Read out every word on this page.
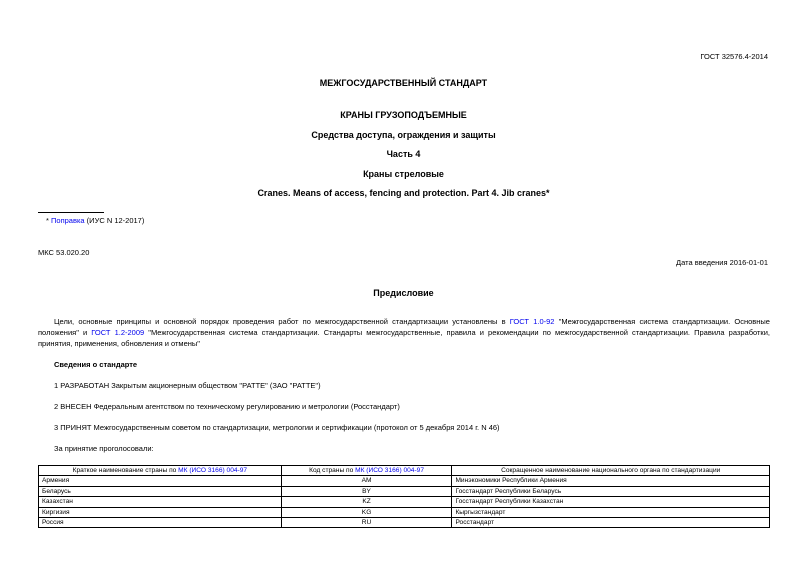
ГОСТ 32576.4-2014
МЕЖГОСУДАРСТВЕННЫЙ СТАНДАРТ
КРАНЫ ГРУЗОПОДЪЕМНЫЕ
Средства доступа, ограждения и защиты
Часть 4
Краны стреловые
Cranes. Means of access, fencing and protection. Part 4. Jib cranes*
* Поправка (ИУС N 12-2017)
МКС 53.020.20
Дата введения 2016-01-01
Предисловие
Цели, основные принципы и основной порядок проведения работ по межгосударственной стандартизации установлены в ГОСТ 1.0-92 "Межгосударственная система стандартизации. Основные положения" и ГОСТ 1.2-2009 "Межгосударственная система стандартизации. Стандарты межгосударственные, правила и рекомендации по межгосударственной стандартизации. Правила разработки, принятия, применения, обновления и отмены"
Сведения о стандарте
1 РАЗРАБОТАН Закрытым акционерным обществом "РАТТЕ" (ЗАО "РАТТЕ")
2 ВНЕСЕН Федеральным агентством по техническому регулированию и метрологии (Росстандарт)
3 ПРИНЯТ Межгосударственным советом по стандартизации, метрологии и сертификации (протокол от 5 декабря 2014 г. N 46)
За принятие проголосовали:
Краткое наименование страны по МК (ИСО 3166) 004-97	Код страны по МК (ИСО 3166) 004-97	Сокращенное наименование национального органа по стандартизации
Армения	AM	Минэкономики Республики Армения
Беларусь	BY	Госстандарт Республики Беларусь
Казахстан	KZ	Госстандарт Республики Казахстан
Киргизия	KG	Кыргызстандарт
Россия	RU	Росстандарт
